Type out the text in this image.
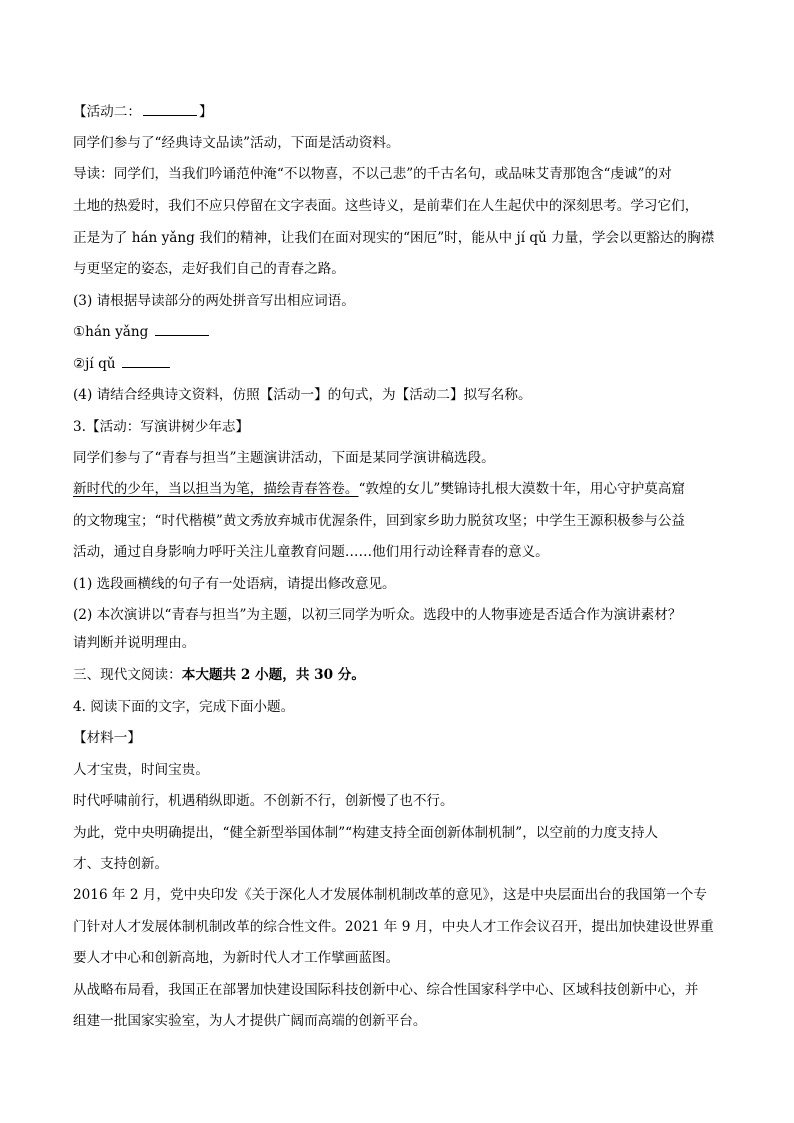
【活动二：	】
同学们参与了“经典诗文品读”活动，下面是活动资料。
导读：同学们，当我们吟诵范仲淹“不以物喜，不以己悲”的千古名句，或品味艾青那饱含“虔诚”的对
土地的热爱时，我们不应只停留在文字表面。这些诗义，是前辈们在人生起伏中的深刻思考。学习它们，
正是为了 hán yǎng 我们的精神，让我们在面对现实的“困厄”时，能从中 jí qǔ 力量，学会以更豁达的胸襟
与更坚定的姿态，走好我们自己的青春之路。
(3) 请根据导读部分的两处拼音写出相应词语。
①hán yǎng
②jí qǔ
(4) 请结合经典诗文资料，仿照【活动一】的句式，为【活动二】拟写名称。
3.【活动：写演讲树少年志】
同学们参与了“青春与担当”主题演讲活动，下面是某同学演讲稿选段。
新时代的少年，当以担当为笔，描绘青春答卷。“敦煌的女儿”樊锦诗扎根大漠数十年，用心守护莫高窟
的文物瑰宝；“时代楷模”黄文秀放弃城市优渥条件，回到家乡助力脱贫攻坚；中学生王源积极参与公益
活动，通过自身影响力呼吁关注儿童教育问题……他们用行动诠释青春的意义。
(1) 选段画横线的句子有一处语病，请提出修改意见。
(2) 本次演讲以“青春与担当”为主题，以初三同学为听众。选段中的人物事迹是否适合作为演讲素材？
请判断并说明理由。
三、现代文阅读：本大题共 2 小题，共 30 分。
4. 阅读下面的文字，完成下面小题。
【材料一】
人才宝贵，时间宝贵。
时代呼啸前行，机遇稍纵即逝。不创新不行，创新慢了也不行。
为此，党中央明确提出，“健全新型举国体制”“构建支持全面创新体制机制”，以空前的力度支持人
才、支持创新。
2016 年 2 月，党中央印发《关于深化人才发展体制机制改革的意见》，这是中央层面出台的我国第一个专
门针对人才发展体制机制改革的综合性文件。2021 年 9 月，中央人才工作会议召开，提出加快建设世界重
要人才中心和创新高地，为新时代人才工作擘画蓝图。
从战略布局看，我国正在部署加快建设国际科技创新中心、综合性国家科学中心、区域科技创新中心，并
组建一批国家实验室，为人才提供广阔而高端的创新平台。
